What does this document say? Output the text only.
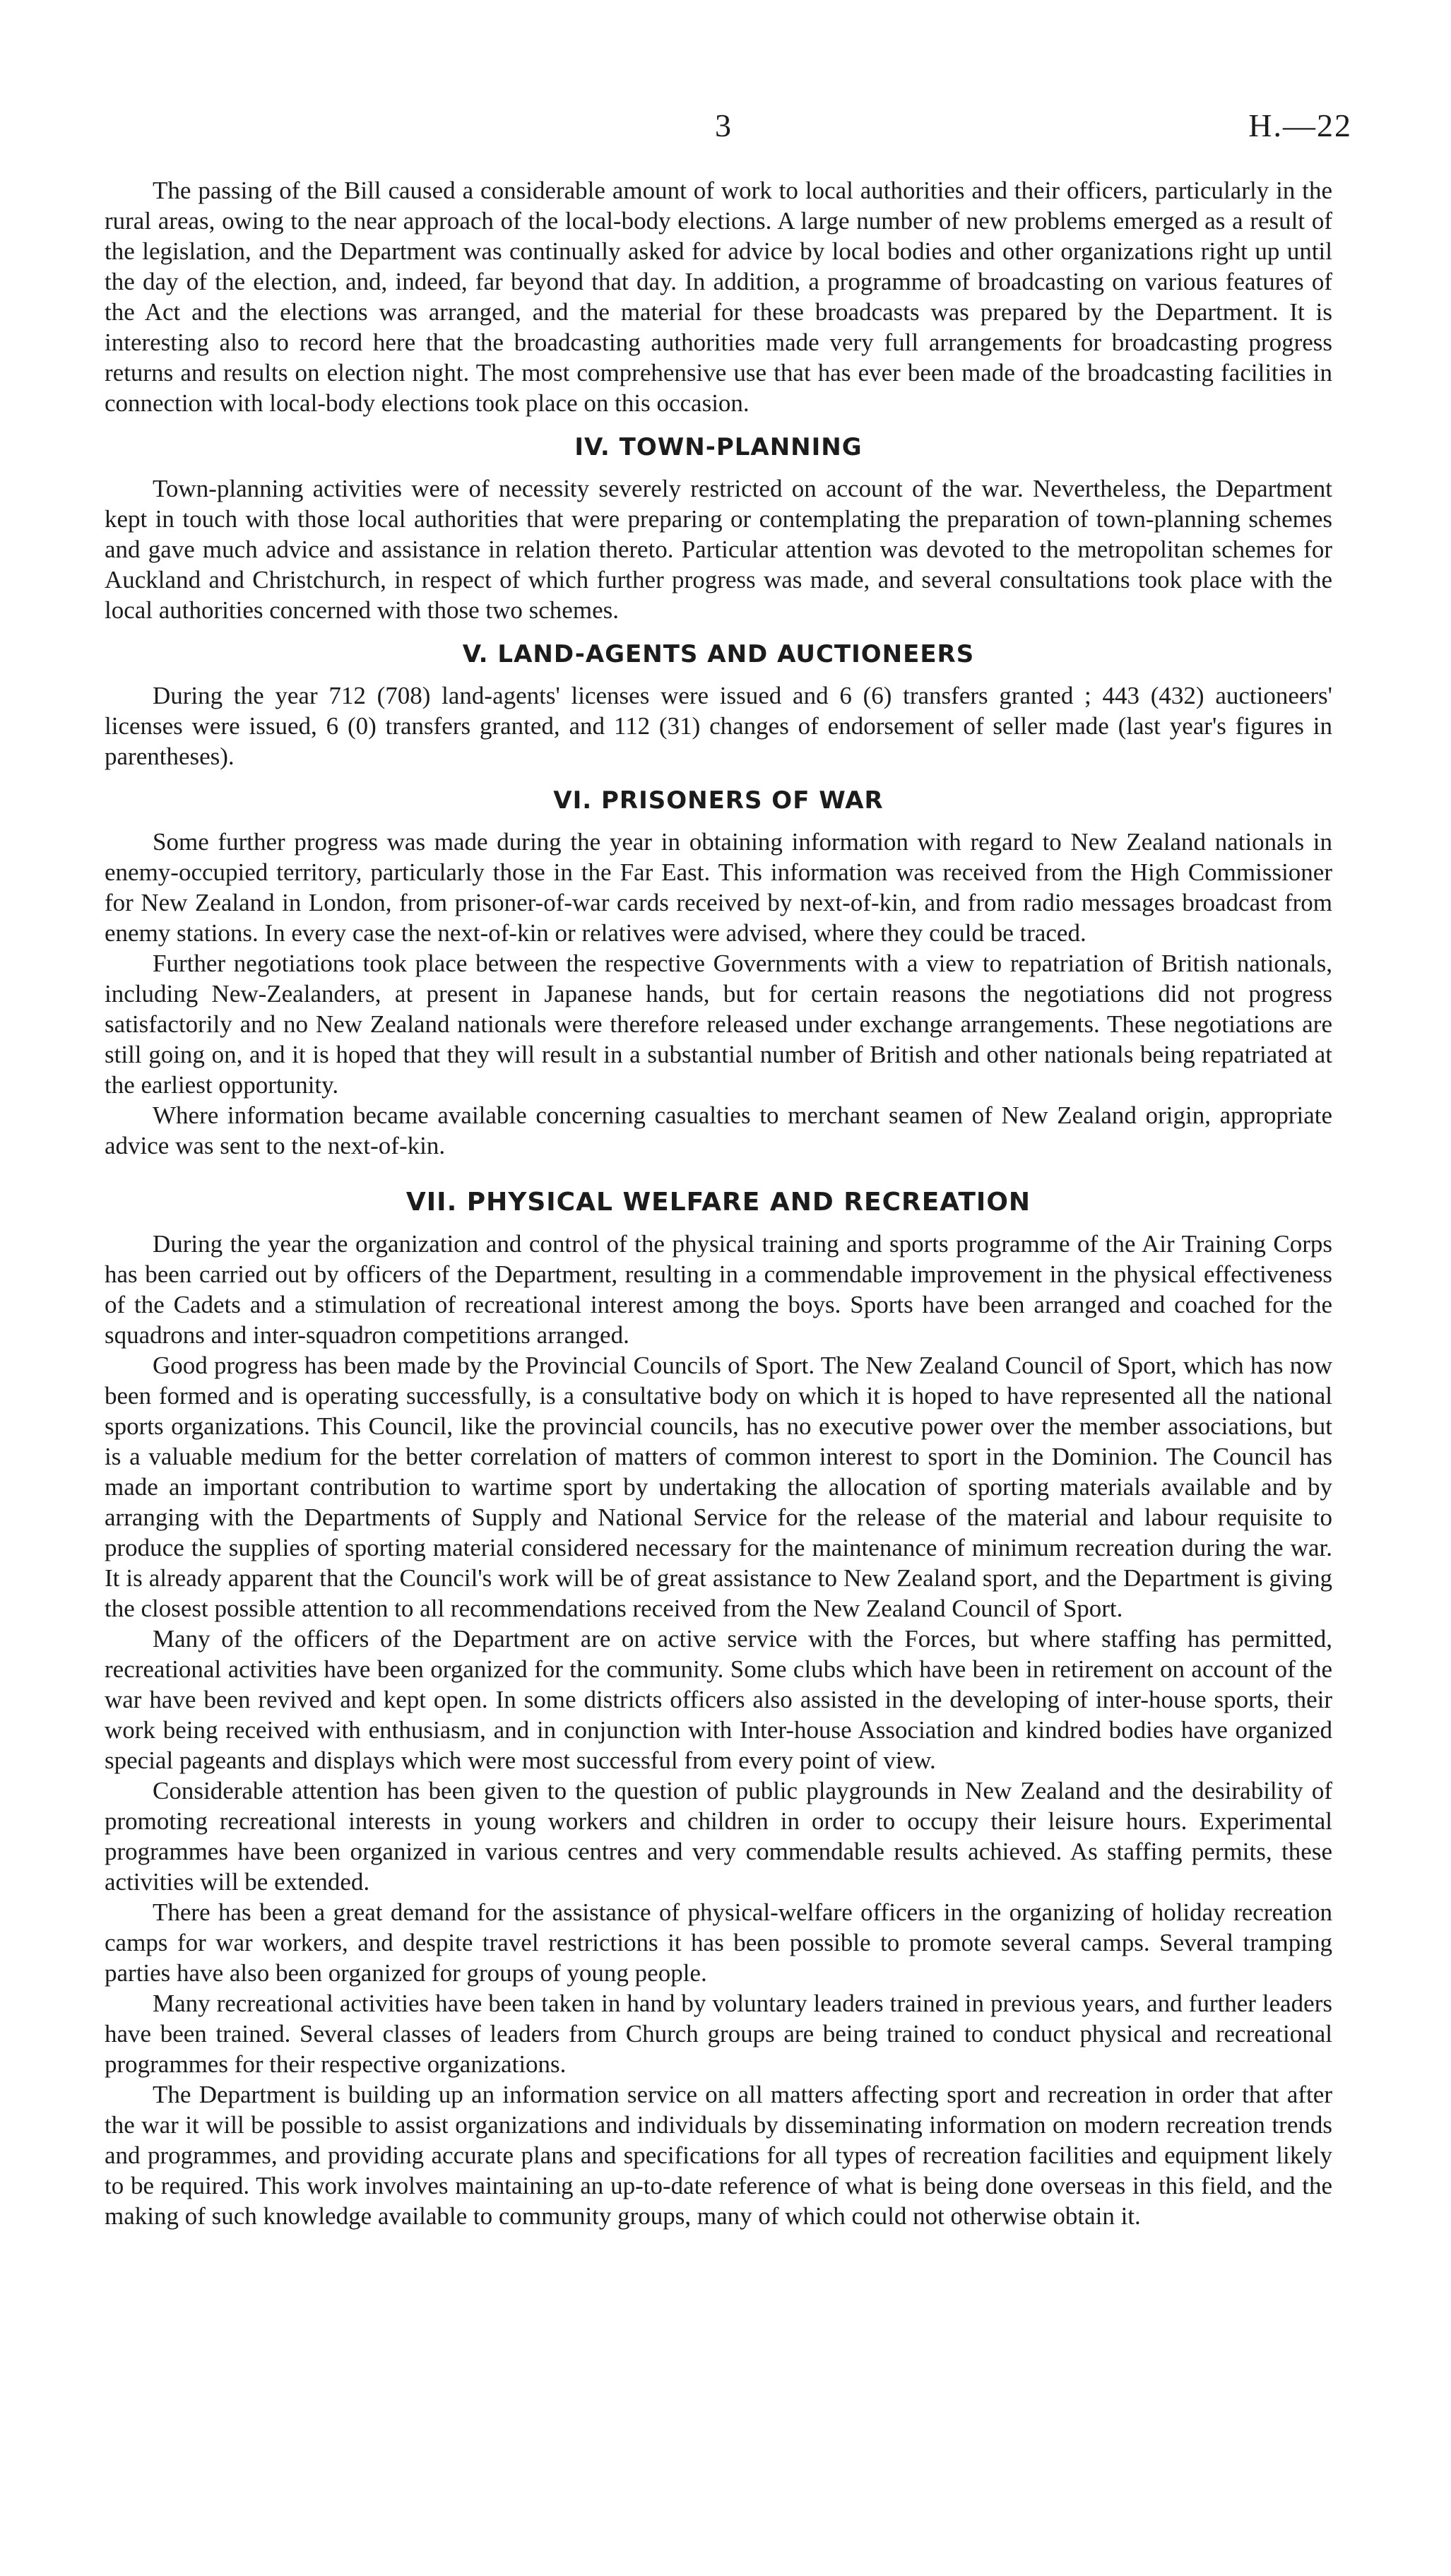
3	H.—22

The passing of the Bill caused a considerable amount of work to local authorities and their officers, particularly in the rural areas, owing to the near approach of the local-body elections. A large number of new problems emerged as a result of the legislation, and the Department was continually asked for advice by local bodies and other organizations right up until the day of the election, and, indeed, far beyond that day. In addition, a programme of broadcasting on various features of the Act and the elections was arranged, and the material for these broadcasts was prepared by the Department. It is interesting also to record here that the broadcasting authorities made very full arrangements for broadcasting progress returns and results on election night. The most comprehensive use that has ever been made of the broadcasting facilities in connection with local-body elections took place on this occasion.

IV. TOWN-PLANNING

Town-planning activities were of necessity severely restricted on account of the war. Nevertheless, the Department kept in touch with those local authorities that were preparing or contemplating the preparation of town-planning schemes and gave much advice and assistance in relation thereto. Particular attention was devoted to the metropolitan schemes for Auckland and Christchurch, in respect of which further progress was made, and several consultations took place with the local authorities concerned with those two schemes.

V. LAND-AGENTS AND AUCTIONEERS

During the year 712 (708) land-agents' licenses were issued and 6 (6) transfers granted ; 443 (432) auctioneers' licenses were issued, 6 (0) transfers granted, and 112 (31) changes of endorsement of seller made (last year's figures in parentheses).

VI. PRISONERS OF WAR

Some further progress was made during the year in obtaining information with regard to New Zealand nationals in enemy-occupied territory, particularly those in the Far East. This information was received from the High Commissioner for New Zealand in London, from prisoner-of-war cards received by next-of-kin, and from radio messages broadcast from enemy stations. In every case the next-of-kin or relatives were advised, where they could be traced.

Further negotiations took place between the respective Governments with a view to repatriation of British nationals, including New-Zealanders, at present in Japanese hands, but for certain reasons the negotiations did not progress satisfactorily and no New Zealand nationals were therefore released under exchange arrangements. These negotiations are still going on, and it is hoped that they will result in a substantial number of British and other nationals being repatriated at the earliest opportunity.

Where information became available concerning casualties to merchant seamen of New Zealand origin, appropriate advice was sent to the next-of-kin.

VII. PHYSICAL WELFARE AND RECREATION

During the year the organization and control of the physical training and sports programme of the Air Training Corps has been carried out by officers of the Department, resulting in a commendable improvement in the physical effectiveness of the Cadets and a stimulation of recreational interest among the boys. Sports have been arranged and coached for the squadrons and inter-squadron competitions arranged.

Good progress has been made by the Provincial Councils of Sport. The New Zealand Council of Sport, which has now been formed and is operating successfully, is a consultative body on which it is hoped to have represented all the national sports organizations. This Council, like the provincial councils, has no executive power over the member associations, but is a valuable medium for the better correlation of matters of common interest to sport in the Dominion. The Council has made an important contribution to wartime sport by undertaking the allocation of sporting materials available and by arranging with the Departments of Supply and National Service for the release of the material and labour requisite to produce the supplies of sporting material considered necessary for the maintenance of minimum recreation during the war. It is already apparent that the Council's work will be of great assistance to New Zealand sport, and the Department is giving the closest possible attention to all recommendations received from the New Zealand Council of Sport.

Many of the officers of the Department are on active service with the Forces, but where staffing has permitted, recreational activities have been organized for the community. Some clubs which have been in retirement on account of the war have been revived and kept open. In some districts officers also assisted in the developing of inter-house sports, their work being received with enthusiasm, and in conjunction with Inter-house Association and kindred bodies have organized special pageants and displays which were most successful from every point of view.

Considerable attention has been given to the question of public playgrounds in New Zealand and the desirability of promoting recreational interests in young workers and children in order to occupy their leisure hours. Experimental programmes have been organized in various centres and very commendable results achieved. As staffing permits, these activities will be extended.

There has been a great demand for the assistance of physical-welfare officers in the organizing of holiday recreation camps for war workers, and despite travel restrictions it has been possible to promote several camps. Several tramping parties have also been organized for groups of young people.

Many recreational activities have been taken in hand by voluntary leaders trained in previous years, and further leaders have been trained. Several classes of leaders from Church groups are being trained to conduct physical and recreational programmes for their respective organizations.

The Department is building up an information service on all matters affecting sport and recreation in order that after the war it will be possible to assist organizations and individuals by disseminating information on modern recreation trends and programmes, and providing accurate plans and specifications for all types of recreation facilities and equipment likely to be required. This work involves maintaining an up-to-date reference of what is being done overseas in this field, and the making of such knowledge available to community groups, many of which could not otherwise obtain it.
